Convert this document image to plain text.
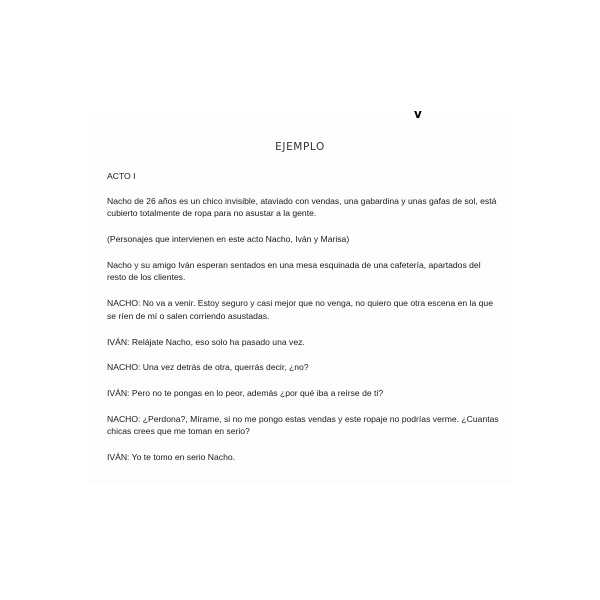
v
EJEMPLO

ACTO I

Nacho de 26 años es un chico invisible, ataviado con vendas, una gabardina y unas gafas de sol, está cubierto totalmente de ropa para no asustar a la gente.

(Personajes que intervienen en este acto Nacho, Iván y Marisa)

Nacho y su amigo Iván esperan sentados en una mesa esquinada de una cafetería, apartados del resto de los clientes.

NACHO: No va a venir. Estoy seguro y casi mejor que no venga, no quiero que otra escena en la que se ríen de mí o salen corriendo asustadas.

IVÁN: Relájate Nacho, eso solo ha pasado una vez.

NACHO: Una vez detrás de otra, querrás decir, ¿no?

IVÁN: Pero no te pongas en lo peor, además ¿por qué iba a reírse de ti?

NACHO: ¿Perdona?, Mírame, si no me pongo estas vendas y este ropaje no podrías verme. ¿Cuantas chicas crees que me toman en serio?

IVÁN: Yo te tomo en serio Nacho.
